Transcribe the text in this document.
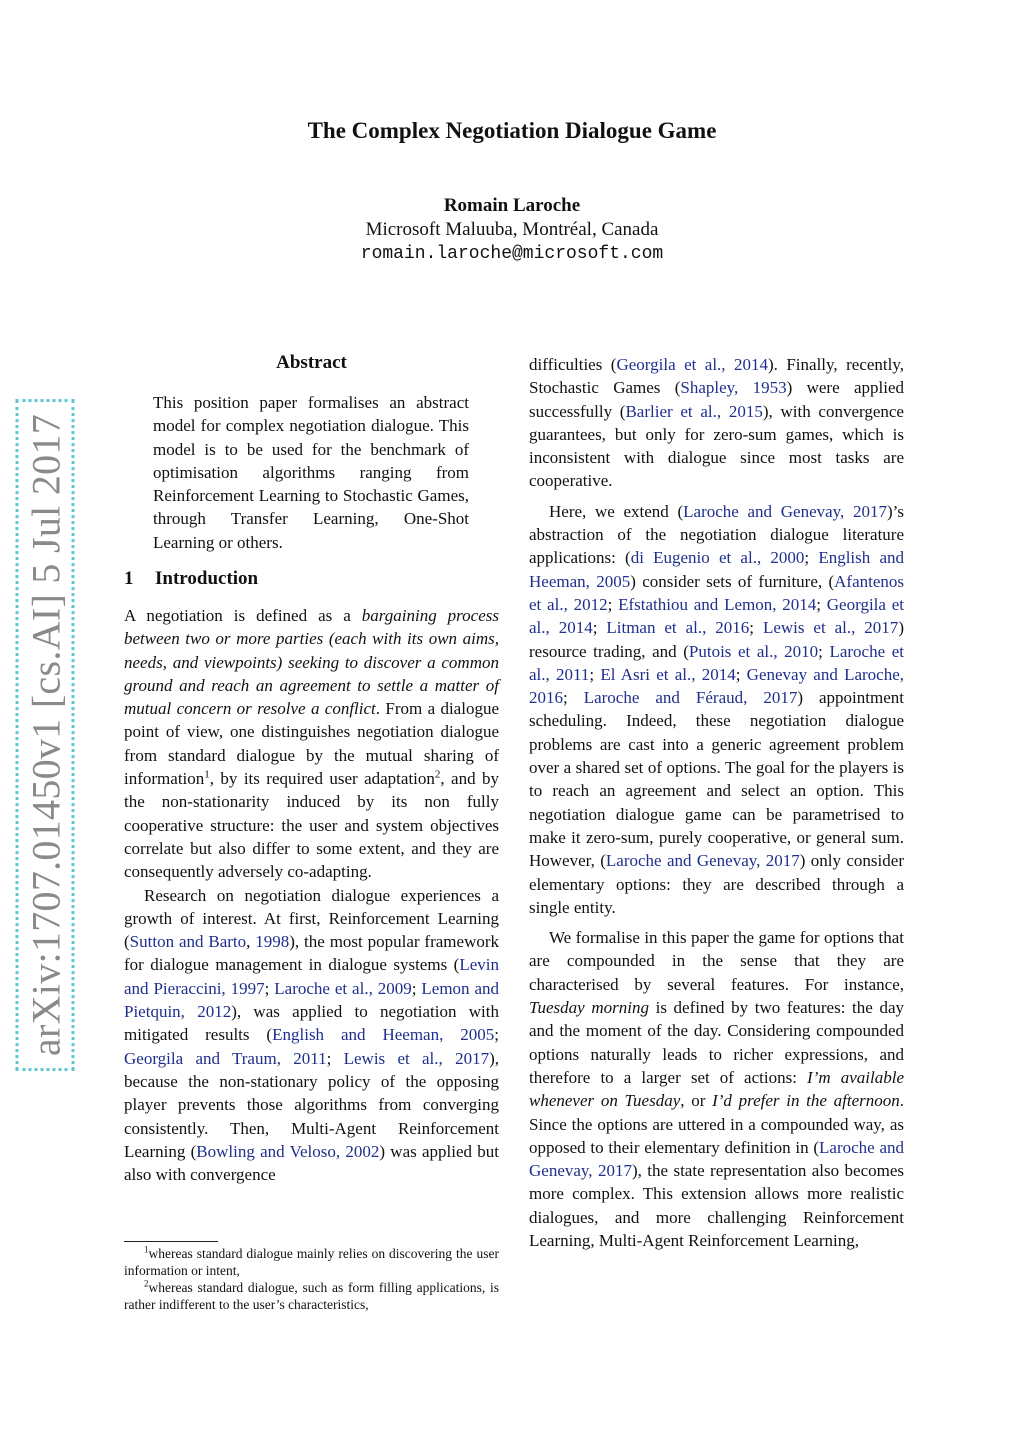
arXiv:1707.01450v1 [cs.AI] 5 Jul 2017
The Complex Negotiation Dialogue Game
Romain Laroche
Microsoft Maluuba, Montréal, Canada
romain.laroche@microsoft.com
Abstract
This position paper formalises an abstract model for complex negotiation dialogue. This model is to be used for the benchmark of optimisation algorithms ranging from Reinforcement Learning to Stochastic Games, through Transfer Learning, One-Shot Learning or others.
1 Introduction

A negotiation is defined as a bargaining process between two or more parties (each with its own aims, needs, and viewpoints) seeking to discover a common ground and reach an agreement to settle a matter of mutual concern or resolve a conflict. From a dialogue point of view, one distinguishes negotiation dialogue from standard dialogue by the mutual sharing of information$^1$, by its required user adaptation$^2$, and by the non-stationarity induced by its non fully cooperative structure: the user and system objectives correlate but also differ to some extent, and they are consequently adversely co-adapting.

Research on negotiation dialogue experiences a growth of interest. At first, Reinforcement Learning (Sutton and Barto, 1998), the most popular framework for dialogue management in dialogue systems (Levin and Pieraccini, 1997; Laroche et al., 2009; Lemon and Pietquin, 2012), was applied to negotiation with mitigated results (English and Heeman, 2005; Georgila and Traum, 2011; Lewis et al., 2017), because the non-stationary policy of the opposing player prevents those algorithms from converging consistently. Then, Multi-Agent Reinforcement Learning (Bowling and Veloso, 2002) was applied but also with convergence

$^1$whereas standard dialogue mainly relies on discovering the user information or intent,

$^2$whereas standard dialogue, such as form filling applications, is rather indifferent to the user’s characteristics,

difficulties (Georgila et al., 2014). Finally, recently, Stochastic Games (Shapley, 1953) were applied successfully (Barlier et al., 2015), with convergence guarantees, but only for zero-sum games, which is inconsistent with dialogue since most tasks are cooperative.

Here, we extend (Laroche and Genevay, 2017)’s abstraction of the negotiation dialogue literature applications: (di Eugenio et al., 2000; English and Heeman, 2005) consider sets of furniture, (Afantenos et al., 2012; Efstathiou and Lemon, 2014; Georgila et al., 2014; Litman et al., 2016; Lewis et al., 2017) resource trading, and (Putois et al., 2010; Laroche et al., 2011; El Asri et al., 2014; Genevay and Laroche, 2016; Laroche and Féraud, 2017) appointment scheduling. Indeed, these negotiation dialogue problems are cast into a generic agreement problem over a shared set of options. The goal for the players is to reach an agreement and select an option. This negotiation dialogue game can be parametrised to make it zero-sum, purely cooperative, or general sum. However, (Laroche and Genevay, 2017) only consider elementary options: they are described through a single entity.

We formalise in this paper the game for options that are compounded in the sense that they are characterised by several features. For instance, Tuesday morning is defined by two features: the day and the moment of the day. Considering compounded options naturally leads to richer expressions, and therefore to a larger set of actions: I’m available whenever on Tuesday, or I’d prefer in the afternoon. Since the options are uttered in a compounded way, as opposed to their elementary definition in (Laroche and Genevay, 2017), the state representation also becomes more complex. This extension allows more realistic dialogues, and more challenging Reinforcement Learning, Multi-Agent Reinforcement Learning,
